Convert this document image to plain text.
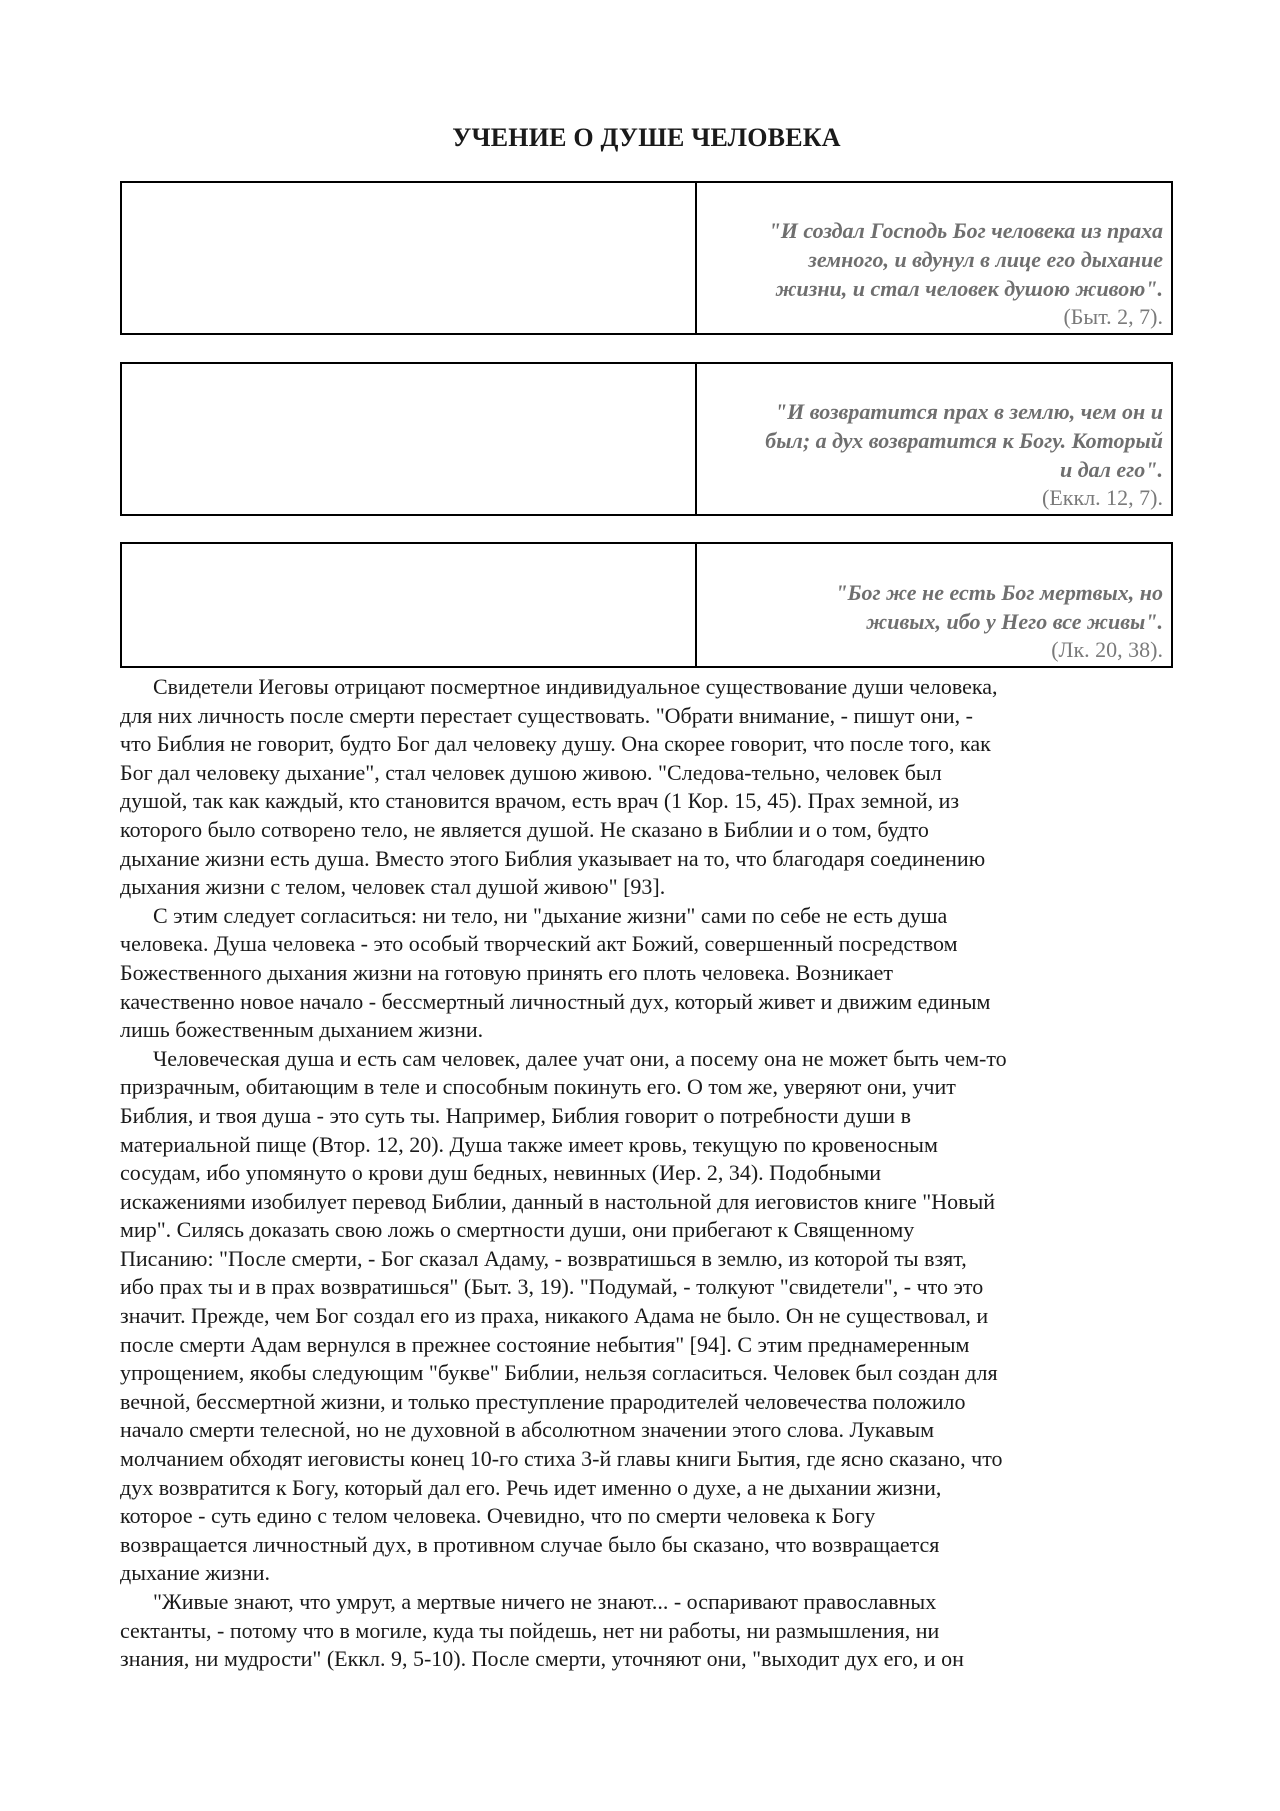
УЧЕНИЕ О ДУШЕ ЧЕЛОВЕКА
"И создал Господь Бог человека из праха
земного, и вдунул в лице его дыхание
жизни, и стал человек душою живою".
(Быт. 2, 7).
"И возвратится прах в землю, чем он и
был; а дух возвратится к Богу. Который
и дал его".
(Еккл. 12, 7).
"Бог же не есть Бог мертвых, но
живых, ибо у Него все живы".
(Лк. 20, 38).

Свидетели Иеговы отрицают посмертное индивидуальное существование души человека,
для них личность после смерти перестает существовать. "Обрати внимание, - пишут они, -
что Библия не говорит, будто Бог дал человеку душу. Она скорее говорит, что после того, как
Бог дал человеку дыхание", стал человек душою живою. "Следова-тельно, человек был
душой, так как каждый, кто становится врачом, есть врач (1 Кор. 15, 45). Прах земной, из
которого было сотворено тело, не является душой. Не сказано в Библии и о том, будто
дыхание жизни есть душа. Вместо этого Библия указывает на то, что благодаря соединению
дыхания жизни с телом, человек стал душой живою" [93].

С этим следует согласиться: ни тело, ни "дыхание жизни" сами по себе не есть душа
человека. Душа человека - это особый творческий акт Божий, совершенный посредством
Божественного дыхания жизни на готовую принять его плоть человека. Возникает
качественно новое начало - бессмертный личностный дух, который живет и движим единым
лишь божественным дыханием жизни.

Человеческая душа и есть сам человек, далее учат они, а посему она не может быть чем-то
призрачным, обитающим в теле и способным покинуть его. О том же, уверяют они, учит
Библия, и твоя душа - это суть ты. Например, Библия говорит о потребности души в
материальной пище (Втор. 12, 20). Душа также имеет кровь, текущую по кровеносным
сосудам, ибо упомянуто о крови душ бедных, невинных (Иер. 2, 34). Подобными
искажениями изобилует перевод Библии, данный в настольной для иеговистов книге "Новый
мир". Силясь доказать свою ложь о смертности души, они прибегают к Священному
Писанию: "После смерти, - Бог сказал Адаму, - возвратишься в землю, из которой ты взят,
ибо прах ты и в прах возвратишься" (Быт. 3, 19). "Подумай, - толкуют "свидетели", - что это
значит. Прежде, чем Бог создал его из праха, никакого Адама не было. Он не существовал, и
после смерти Адам вернулся в прежнее состояние небытия" [94]. С этим преднамеренным
упрощением, якобы следующим "букве" Библии, нельзя согласиться. Человек был создан для
вечной, бессмертной жизни, и только преступление прародителей человечества положило
начало смерти телесной, но не духовной в абсолютном значении этого слова. Лукавым
молчанием обходят иеговисты конец 10-го стиха 3-й главы книги Бытия, где ясно сказано, что
дух возвратится к Богу, который дал его. Речь идет именно о духе, а не дыхании жизни,
которое - суть едино с телом человека. Очевидно, что по смерти человека к Богу
возвращается личностный дух, в противном случае было бы сказано, что возвращается
дыхание жизни.

"Живые знают, что умрут, а мертвые ничего не знают... - оспаривают православных
сектанты, - потому что в могиле, куда ты пойдешь, нет ни работы, ни размышления, ни
знания, ни мудрости" (Еккл. 9, 5-10). После смерти, уточняют они, "выходит дух его, и он
